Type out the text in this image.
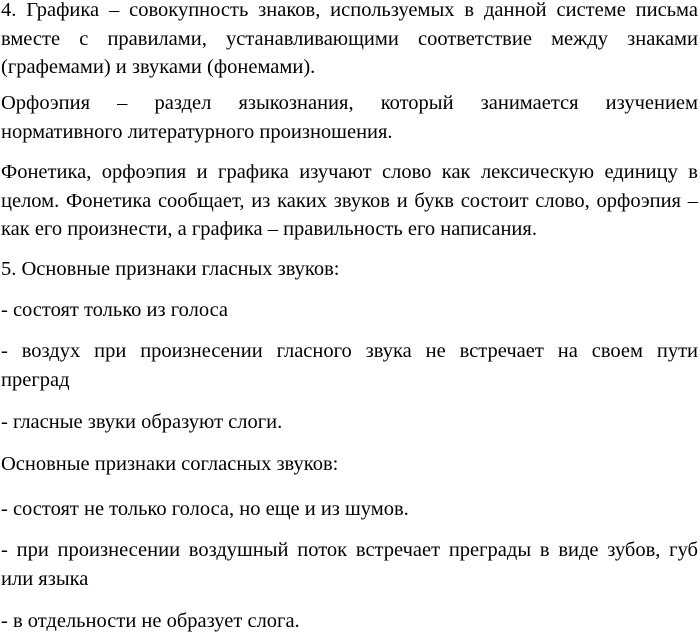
4. Графика – совокупность знаков, используемых в данной системе письма
вместе с правилами, устанавливающими соответствие между знаками
(графемами) и звуками (фонемами).

Орфоэпия – раздел языкознания, который занимается изучением
нормативного литературного произношения.

Фонетика, орфоэпия и графика изучают слово как лексическую единицу в
целом. Фонетика сообщает, из каких звуков и букв состоит слово, орфоэпия –
как его произнести, а графика – правильность его написания.

5. Основные признаки гласных звуков:

- состоят только из голоса

- воздух при произнесении гласного звука не встречает на своем пути
преград

- гласные звуки образуют слоги.

Основные признаки согласных звуков:

- состоят не только голоса, но еще и из шумов.

- при произнесении воздушный поток встречает преграды в виде зубов, губ
или языка

- в отдельности не образует слога.
